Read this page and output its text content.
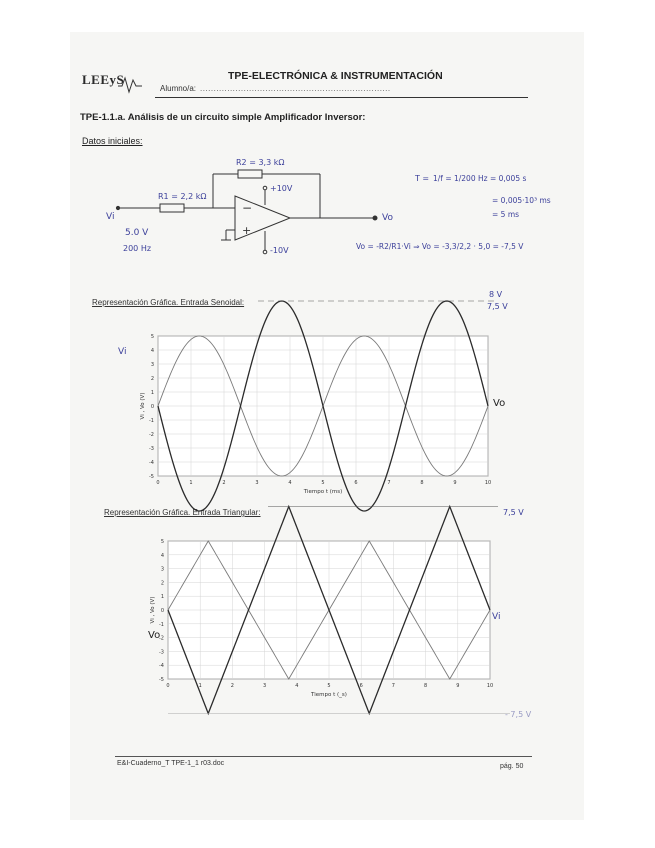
LEEyS
Alumno/a: ......................................................................
TPE-ELECTRÓNICA & INSTRUMENTACIÓN
TPE-1.1.a. Análisis de un circuito simple Amplificador Inversor:
Datos iniciales:
−
+
R2 = 3,3 kΩ
R1 = 2,2 kΩ
+10V
-10V
Vi	Vo
5.0 V
200 Hz
T = 1/f = 1/200 Hz = 0,005 s
= 0,005·10³ ms
= 5 ms
Vo = -R2/R1·Vi ⇒ Vo = -3,3/2,2 · 5,0 = -7,5 V
Representación Gráfica. Entrada Senoidal:
Representación Gráfica. Entrada Triangular:
8 V
7,5 V
Vi
Vo
7,5 V
- 7,5 V
Vi
Vo
0	1	2	3	4	5	6	7	8	9	10
5
4
3
2
1
0
-1
-2
-3
-4
-5
Tiempo t (ms)
Vi , Vo (V)
0	1	2	3	4	5	6	7	8	9	10
5
4
3
2
1
0
-1
-2
-3
-4
-5
Tiempo t (_s)
Vi , Vo (V)
E&I-Cuaderno_T TPE-1_1 r03.doc	pág. 50
